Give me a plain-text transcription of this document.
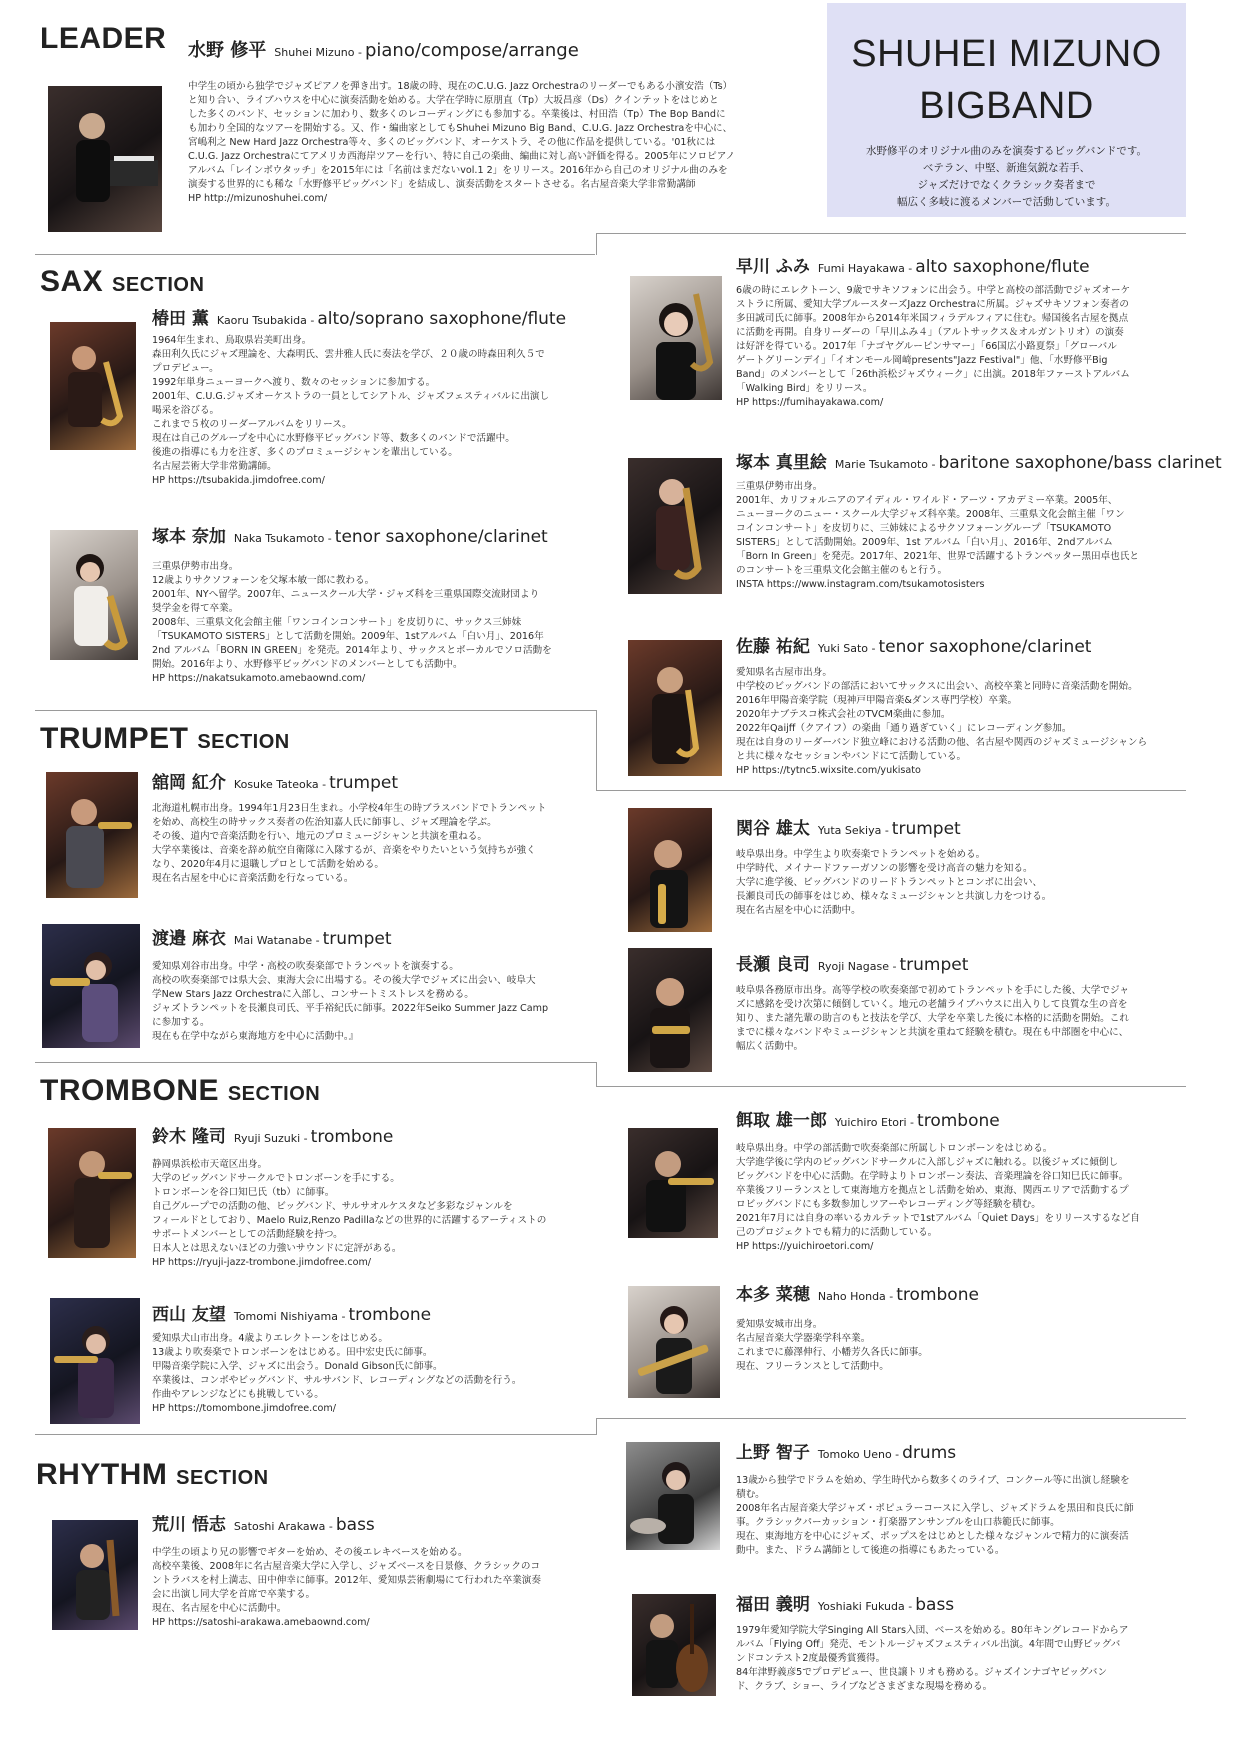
LEADER 水野 修平 Shuhei Mizuno - piano/compose/arrange
中学生の頃から独学でジャズピアノを弾き出す。18歳の時、現在のC.U.G. Jazz Orchestraのリーダーでもある小濱安浩（Ts）
と知り合い、ライブハウスを中心に演奏活動を始める。大学在学時に原朋直（Tp）大坂昌彦（Ds）クインテットをはじめと
した多くのバンド、セッションに加わり、数多くのレコーディングにも参加する。卒業後は、村田浩（Tp）The Bop Bandに
も加わり全国的なツアーを開始する。又、作・編曲家としてもShuhei Mizuno Big Band、C.U.G. Jazz Orchestraを中心に、
宮嶋利之 New Hard Jazz Orchestra等々、多くのビッグバンド、オーケストラ、その他に作品を提供している。'01秋には
C.U.G. Jazz Orchestraにてアメリカ西海岸ツアーを行い、特に自己の楽曲、編曲に対し高い評価を得る。2005年にソロピアノ
アルバム「レインボウタッチ」を2015年には「名前はまだないvol.1 2」をリリース。2016年から自己のオリジナル曲のみを
演奏する世界的にも稀な「水野修平ビッグバンド」を結成し、演奏活動をスタートさせる。名古屋音楽大学非常勤講師
HP http://mizunoshuhei.com/
SHUHEI MIZUNO
BIGBAND
水野修平のオリジナル曲のみを演奏するビッグバンドです。
ベテラン、中堅、新進気鋭な若手、
ジャズだけでなくクラシック奏者まで
幅広く多岐に渡るメンバーで活動しています。
SAX SECTION
椿田 薫 Kaoru Tsubakida - alto/soprano saxophone/flute
1964年生まれ、鳥取県岩美町出身。
森田利久氏にジャズ理論を、大森明氏、雲井雅人氏に奏法を学び、２０歳の時森田利久５で
プロデビュー。
1992年単身ニューヨークへ渡り、数々のセッションに参加する。
2001年、C.U.G.ジャズオーケストラの一員としてシアトル、ジャズフェスティバルに出演し
喝采を浴びる。
これまで５枚のリーダーアルバムをリリース。
現在は自己のグループを中心に水野修平ビッグバンド等、数多くのバンドで活躍中。
後進の指導にも力を注ぎ、多くのプロミュージシャンを輩出している。
名古屋芸術大学非常勤講師。
HP https://tsubakida.jimdofree.com/
塚本 奈加 Naka Tsukamoto - tenor saxophone/clarinet
三重県伊勢市出身。
12歳よりサクソフォーンを父塚本敏一郎に教わる。
2001年、NYへ留学。2007年、ニュースクール大学・ジャズ科を三重県国際交流財団より
奨学金を得て卒業。
2008年、三重県文化会館主催「ワンコインコンサート」を皮切りに、サックス三姉妹
「TSUKAMOTO SISTERS」として活動を開始。2009年、1stアルバム「白い月」、2016年
2nd アルバム「BORN IN GREEN」を発売。2014年より、サックスとボーカルでソロ活動を
開始。2016年より、水野修平ビッグバンドのメンバーとしても活動中。
HP https://nakatsukamoto.amebaownd.com/
早川 ふみ Fumi Hayakawa - alto saxophone/flute
6歳の時にエレクトーン、9歳でサキソフォンに出会う。中学と高校の部活動でジャズオーケ
ストラに所属、愛知大学ブルースターズJazz Orchestraに所属。ジャズサキソフォン奏者の
多田誠司氏に師事。2008年から2014年米国フィラデルフィアに住む。帰国後名古屋を拠点
に活動を再開。自身リーダーの「早川ふみ４」（アルトサックス＆オルガントリオ）の演奏
は好評を得ている。2017年「ナゴヤグルーピンサマー」「66国広小路夏祭」「グローバル
ゲートグリーンデイ」「イオンモール岡崎presents"Jazz Festival"」他、「水野修平Big
Band」のメンバーとして「26th浜松ジャズウィーク」に出演。2018年ファーストアルバム
「Walking Bird」をリリース。
HP https://fumihayakawa.com/
塚本 真里絵 Marie Tsukamoto - baritone saxophone/bass clarinet
三重県伊勢市出身。
2001年、カリフォルニアのアイディル・ワイルド・アーツ・アカデミー卒業。2005年、
ニューヨークのニュー・スクール大学ジャズ科卒業。2008年、三重県文化会館主催「ワン
コインコンサート」を皮切りに、三姉妹によるサクソフォーングループ「TSUKAMOTO
SISTERS」として活動開始。2009年、1st アルバム「白い月」、2016年、2ndアルバム
「Born In Green」を発売。2017年、2021年、世界で活躍するトランペッター黒田卓也氏と
のコンサートを三重県文化会館主催のもと行う。
INSTA https://www.instagram.com/tsukamotosisters
佐藤 祐紀 Yuki Sato - tenor saxophone/clarinet
愛知県名古屋市出身。
中学校のビッグバンドの部活においてサックスに出会い、高校卒業と同時に音楽活動を開始。
2016年甲陽音楽学院（現神戸甲陽音楽&ダンス専門学校）卒業。
2020年ナブテスコ株式会社のTVCM楽曲に参加。
2022年Qaijff（クアイフ）の楽曲「通り過ぎていく」にレコーディング参加。
現在は自身のリーダーバンド独立峰における活動の他、名古屋や関西のジャズミュージシャンら
と共に様々なセッションやバンドにて活動している。
HP https://tytnc5.wixsite.com/yukisato
TRUMPET SECTION
舘岡 紅介 Kosuke Tateoka - trumpet
北海道札幌市出身。1994年1月23日生まれ。小学校4年生の時ブラスバンドでトランペット
を始め、高校生の時サックス奏者の佐治知嘉人氏に師事し、ジャズ理論を学ぶ。
その後、道内で音楽活動を行い、地元のプロミュージシャンと共演を重ねる。
大学卒業後は、音楽を辞め航空自衛隊に入隊するが、音楽をやりたいという気持ちが強く
なり、2020年4月に退職しプロとして活動を始める。
現在名古屋を中心に音楽活動を行なっている。
渡邉 麻衣 Mai Watanabe - trumpet
愛知県刈谷市出身。中学・高校の吹奏楽部でトランペットを演奏する。
高校の吹奏楽部では県大会、東海大会に出場する。その後大学でジャズに出会い、岐阜大
学New Stars Jazz Orchestraに入部し、コンサートミストレスを務める。
ジャズトランペットを長瀬良司氏、平手裕紀氏に師事。2022年Seiko Summer Jazz Camp
に参加する。
現在も在学中ながら東海地方を中心に活動中。』
関谷 雄太 Yuta Sekiya - trumpet
岐阜県出身。中学生より吹奏楽でトランペットを始める。
中学時代、メイナードファーガソンの影響を受け高音の魅力を知る。
大学に進学後、ビッグバンドのリードトランペットとコンボに出会い、
長瀬良司氏の師事をはじめ、様々なミュージシャンと共演し力をつける。
現在名古屋を中心に活動中。
長瀬 良司 Ryoji Nagase - trumpet
岐阜県各務原市出身。高等学校の吹奏楽部で初めてトランペットを手にした後、大学でジャ
ズに感銘を受け次第に傾倒していく。地元の老舗ライブハウスに出入りして良質な生の音を
知り、また諸先輩の助言のもと技法を学び、大学を卒業した後に本格的に活動を開始。これ
までに様々なバンドやミュージシャンと共演を重ねて経験を積む。現在も中部圏を中心に、
幅広く活動中。
TROMBONE SECTION
鈴木 隆司 Ryuji Suzuki - trombone
静岡県浜松市天竜区出身。
大学のビッグバンドサークルでトロンボーンを手にする。
トロンボーンを谷口知巳氏（tb）に師事。
自己グループでの活動の他、ビッグバンド、サルサオルケスタなど多彩なジャンルを
フィールドとしており、Maelo Ruiz,Renzo Padillaなどの世界的に活躍するアーティストの
サポートメンバーとしての活動経験を持つ。
日本人とは思えないほどの力強いサウンドに定評がある。
HP https://ryuji-jazz-trombone.jimdofree.com/
西山 友望 Tomomi Nishiyama - trombone
愛知県犬山市出身。4歳よりエレクトーンをはじめる。
13歳より吹奏楽でトロンボーンをはじめる。田中宏史氏に師事。
甲陽音楽学院に入学、ジャズに出会う。Donald Gibson氏に師事。
卒業後は、コンボやビッグバンド、サルサバンド、レコーディングなどの活動を行う。
作曲やアレンジなどにも挑戦している。
HP https://tomombone.jimdofree.com/
餌取 雄一郎 Yuichiro Etori - trombone
岐阜県出身。中学の部活動で吹奏楽部に所属しトロンボーンをはじめる。
大学進学後に学内のビッグバンドサークルに入部しジャズに触れる。以後ジャズに傾倒し
ビッグバンドを中心に活動。在学時よりトロンボーン奏法、音楽理論を谷口知巳氏に師事。
卒業後フリーランスとして東海地方を拠点とし活動を始め、東海、関西エリアで活動するプ
ロビッグバンドにも多数参加しツアーやレコーディング等経験を積む。
2021年7月には自身の率いるカルテットで1stアルバム「Quiet Days」をリリースするなど自
己のプロジェクトでも精力的に活動している。
HP https://yuichiroetori.com/
本多 菜穂 Naho Honda - trombone
愛知県安城市出身。
名古屋音楽大学器楽学科卒業。
これまでに藤澤伸行、小幡芳久各氏に師事。
現在、フリーランスとして活動中。
RHYTHM SECTION
荒川 悟志 Satoshi Arakawa - bass
中学生の頃より兄の影響でギターを始め、その後エレキベースを始める。
高校卒業後、2008年に名古屋音楽大学に入学し、ジャズベースを日景修、クラシックのコ
ントラバスを村上満志、田中伸幸に師事。2012年、愛知県芸術劇場にて行われた卒業演奏
会に出演し同大学を首席で卒業する。
現在、名古屋を中心に活動中。
HP https://satoshi-arakawa.amebaownd.com/
上野 智子 Tomoko Ueno - drums
13歳から独学でドラムを始め、学生時代から数多くのライブ、コンクール等に出演し経験を
積む。
2008年名古屋音楽大学ジャズ・ポピュラーコースに入学し、ジャズドラムを黒田和良氏に師
事。クラシックパーカッション・打楽器アンサンブルを山口恭範氏に師事。
現在、東海地方を中心にジャズ、ポップスをはじめとした様々なジャンルで精力的に演奏活
動中。また、ドラム講師として後進の指導にもあたっている。
福田 義明 Yoshiaki Fukuda - bass
1979年愛知学院大学Singing All Stars入団、ベースを始める。80年キングレコードからア
ルバム「Flying Off」発売、モントルージャズフェスティバル出演。4年間で山野ビッグバ
ンドコンテスト2度最優秀賞獲得。
84年津野義彦5でプロデビュー、世良譲トリオも務める。ジャズインナゴヤビッグバン
ド、クラブ、ショー、ライブなどさまざまな現場を務める。
